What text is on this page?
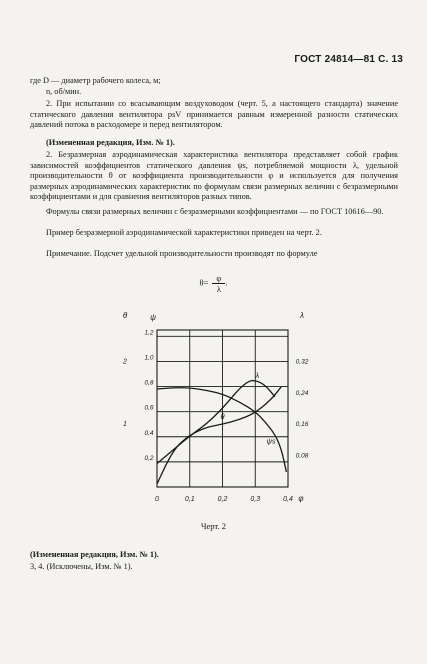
ГОСТ 24814—81 С. 13
где D — диаметр рабочего колеса, м;
n, об/мин.
2. При испытании со всасывающим воздуховодом (черт. 5, а настоящего стандарта) значение статического давления вентилятора psV принимается равным измеренной разности статических давлений потока в расходомере и перед вентилятором.
(Измененная редакция, Изм. № 1).
2. Безразмерная аэродинамическая характеристика вентилятора представляет собой график зависимостей коэффициентов статического давления ψs, потребляемой мощности λ, удельной производительности θ от коэффициента производительности φ и используется для получения размерных аэродинамических характеристик по формулам связи размерных величин с безразмерными коэффициентами и для сравнения вентиляторов разных типов.
Формулы связи размерных величин с безразмерными коэффициентами — по ГОСТ 10616—90.
Пример безразмерной аэродинамической характеристики приведен на черт. 2.
Примечание. Подсчет удельной производительности производят по формуле
$\theta= \frac{\varphi}{\lambda}$ .
0	0,1	0,2	0,3	0,4
0,2
0,4
0,6
0,8
1,0
1,2
1
2
0,08
0,16
0,24
0,32
θ	ψ	λ
φ
ψs
λ
θ
Черт. 2
(Измененная редакция, Изм. № 1).
3, 4. (Исключены, Изм. № 1).
